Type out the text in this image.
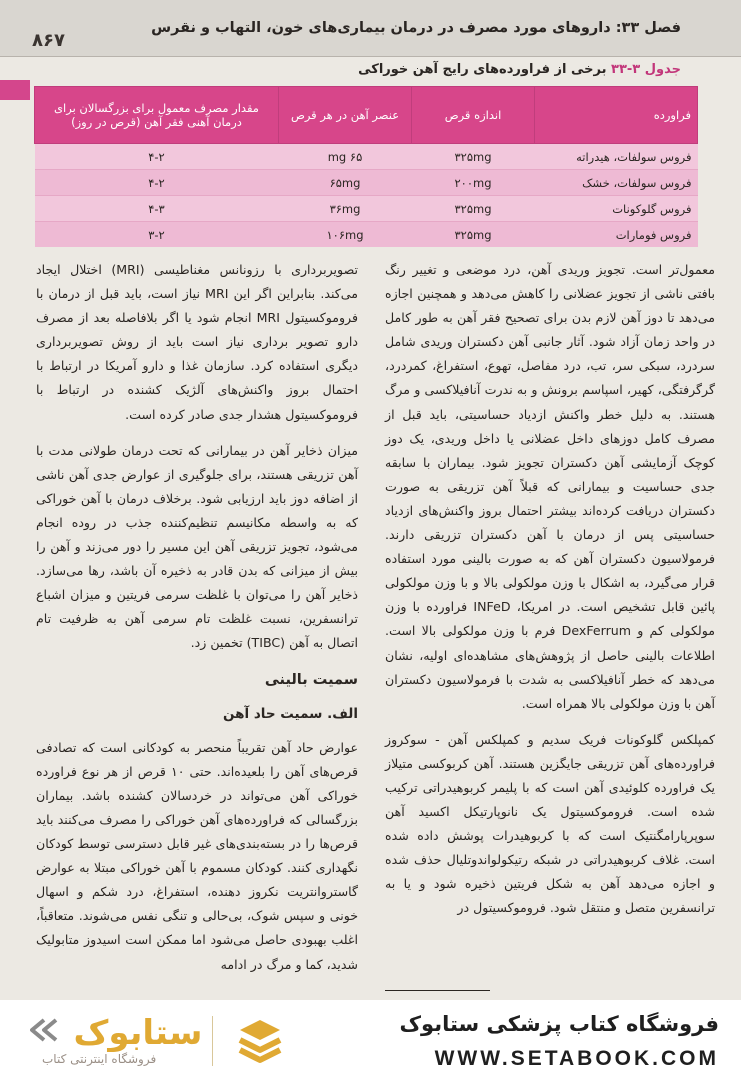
فصل ۳۳: داروهای مورد مصرف در درمان بیماری‌های خون، التهاب و نقرس
۸۶۷
جدول ۳-۳۳ برخی از فراورده‌های رایج آهن خوراکی
فراورده	اندازه قرص	عنصر آهن در هر قرص	مقدار مصرف معمول برای بزرگسالان برای درمان آهنی فقر آهن (قرص در روز)
فروس سولفات، هیدراته	۳۲۵mg	۶۵ mg	۴-۲
فروس سولفات، خشک	۲۰۰mg	۶۵mg	۴-۲
فروس گلوکونات	۳۲۵mg	۳۶mg	۴-۳
فروس فومارات	۳۲۵mg	۱۰۶mg	۳-۲

معمول‌تر است. تجویز وریدی آهن، درد موضعی و تغییر رنگ بافتی ناشی از تجویز عضلانی را کاهش می‌دهد و همچنین اجازه می‌دهد تا دوز آهن لازم بدن برای تصحیح فقر آهن به طور کامل در واحد زمان آزاد شود. آثار جانبی آهن دکستران وریدی شامل سردرد، سبکی سر، تب، درد مفاصل، تهوع، استفراغ، کمردرد، گرگرفتگی، کهیر، اسپاسم برونش و به ندرت آنافیلاکسی و مرگ هستند. به دلیل خطر واکنش ازدیاد حساسیتی، باید قبل از مصرف کامل دوزهای داخل عضلانی یا داخل وریدی، یک دوز کوچک آزمایشی آهن دکستران تجویز شود. بیماران با سابقه جدی حساسیت و بیمارانی که قبلاً آهن تزریقی به صورت دکستران دریافت کرده‌اند بیشتر احتمال بروز واکنش‌های ازدیاد حساسیتی پس از درمان با آهن دکستران تزریقی دارند. فرمولاسیون دکستران آهن که به صورت بالینی مورد استفاده قرار می‌گیرد، به اشکال با وزن مولکولی بالا و با وزن مولکولی پائین قابل تشخیص است. در امریکا، INFeD فراورده با وزن مولکولی کم و DexFerrum فرم با وزن مولکولی بالا است. اطلاعات بالینی حاصل از پژوهش‌های مشاهده‌ای اولیه، نشان می‌دهد که خطر آنافیلاکسی به شدت با فرمولاسیون دکستران آهن با وزن مولکولی بالا همراه است.

کمپلکس گلوکونات فریک سدیم و کمپلکس آهن - سوکروز فراورده‌های آهن تزریقی جایگزین هستند. آهن کربوکسی متیلاز یک فراورده کلوئیدی آهن است که با پلیمر کربوهیدراتی ترکیب شده است. فروموکسیتول یک نانوپارتیکل اکسید آهن سوپرپارامگنتیک است که با کربوهیدرات پوشش داده شده است. غلاف کربوهیدراتی در شبکه رتیکولواندوتلیال حذف شده و اجازه می‌دهد آهن به شکل فریتین ذخیره شود و یا به ترانسفرین متصل و منتقل شود. فروموکسیتول در

تصویربرداری با رزونانس مغناطیسی (MRI) اختلال ایجاد می‌کند. بنابراین اگر این MRI نیاز است، باید قبل از درمان با فروموکسیتول MRI انجام شود یا اگر بلافاصله بعد از مصرف دارو تصویر برداری نیاز است باید از روش تصویربرداری دیگری استفاده کرد. سازمان غذا و دارو آمریکا در ارتباط با احتمال بروز واکنش‌های آلژیک کشنده در ارتباط با فروموکسیتول هشدار جدی صادر کرده است.

میزان ذخایر آهن در بیمارانی که تحت درمان طولانی مدت با آهن تزریقی هستند، برای جلوگیری از عوارض جدی آهن ناشی از اضافه دوز باید ارزیابی شود. برخلاف درمان با آهن خوراکی که به واسطه مکانیسم تنظیم‌کننده جذب در روده انجام می‌شود، تجویز تزریقی آهن این مسیر را دور می‌زند و آهن را بیش از میزانی که بدن قادر به ذخیره آن باشد، رها می‌سازد. ذخایر آهن را می‌توان با غلظت سرمی فریتین و میزان اشباع ترانسفرین، نسبت غلظت تام سرمی آهن به ظرفیت تام اتصال به آهن (TIBC) تخمین زد.

سمیت بالینی
الف. سمیت حاد آهن

عوارض حاد آهن تقریباً منحصر به کودکانی است که تصادفی قرص‌های آهن را بلعیده‌اند. حتی ۱۰ قرص از هر نوع فراورده خوراکی آهن می‌تواند در خردسالان کشنده باشد. بیماران بزرگسالی که فراورده‌های آهن خوراکی را مصرف می‌کنند باید قرص‌ها را در بسته‌بندی‌های غیر قابل دسترسی توسط کودکان نگهداری کنند. کودکان مسموم با آهن خوراکی مبتلا به عوارض گاستروانتریت نکروز دهنده، استفراغ، درد شکم و اسهال خونی و سپس شوک، بی‌حالی و تنگی نفس می‌شوند. متعاقباً، اغلب بهبودی حاصل می‌شود اما ممکن است اسیدوز متابولیک شدید، کما و مرگ در ادامه

ستابوک
فروشگاه اینترنتی کتاب
فروشگاه کتاب پزشکی ستابوک
WWW.SETABOOK.COM
